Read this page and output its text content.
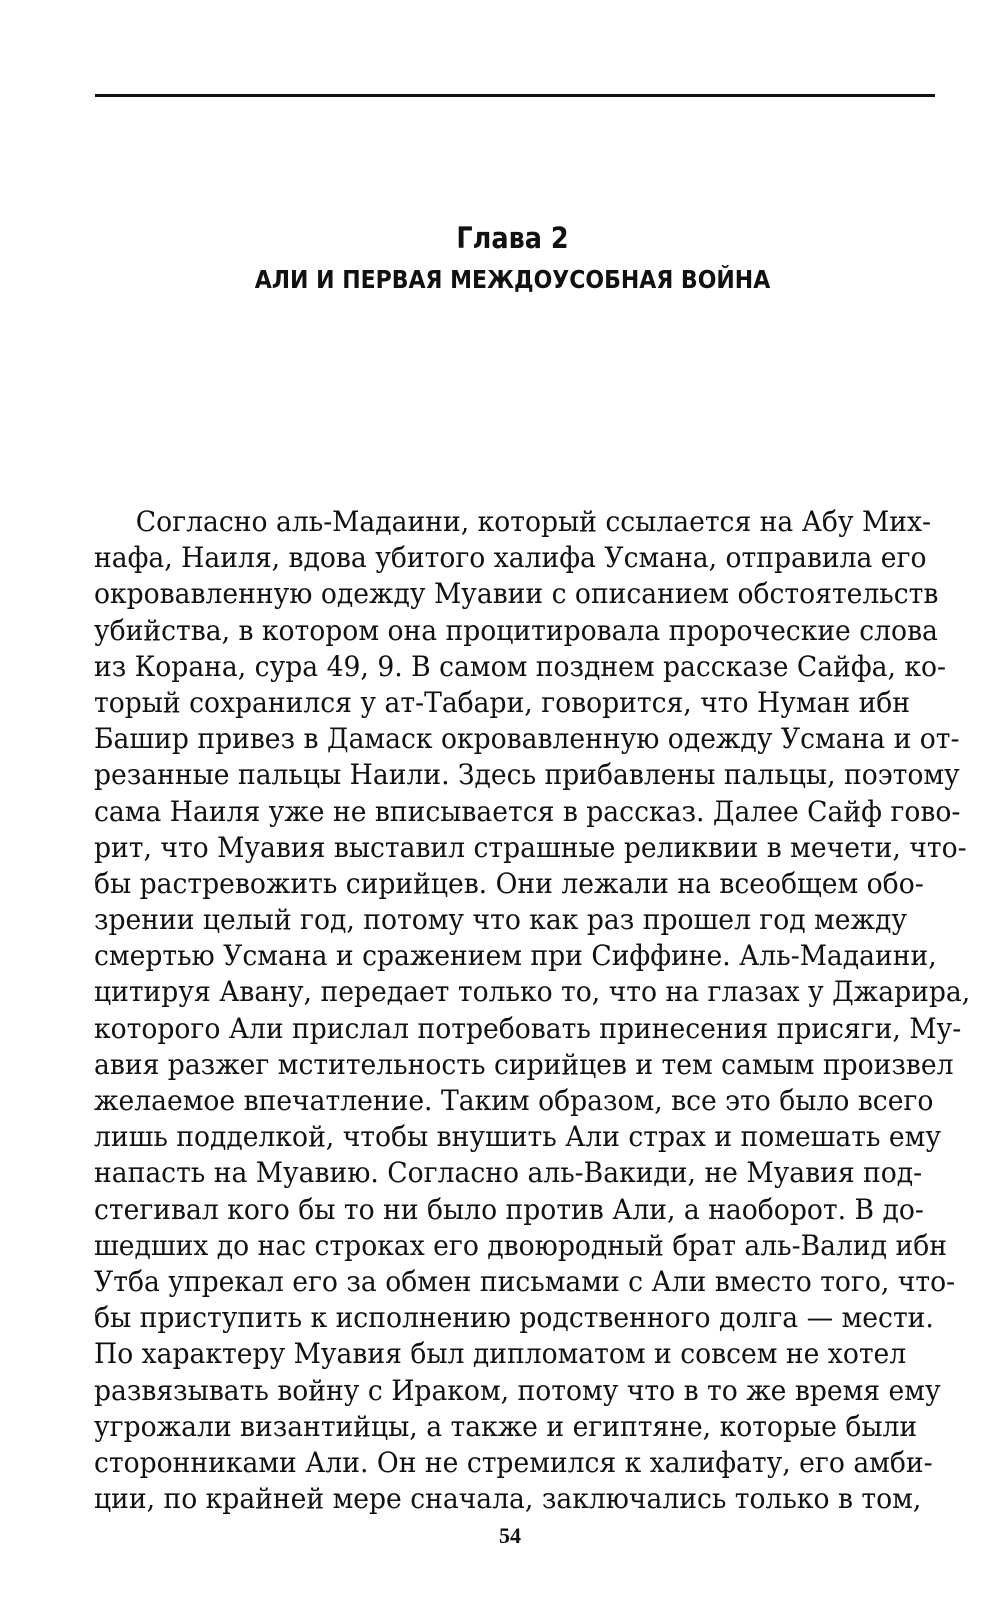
Глава 2
АЛИ И ПЕРВАЯ МЕЖДОУСОБНАЯ ВОЙНА
Согласно аль-Мадаини, который ссылается на Абу Мих-
нафа, Наиля, вдова убитого халифа Усмана, отправила его
окровавленную одежду Муавии с описанием обстоятельств
убийства, в котором она процитировала пророческие слова
из Корана, сура 49, 9. В самом позднем рассказе Сайфа, ко-
торый сохранился у ат-Табари, говорится, что Нуман ибн
Башир привез в Дамаск окровавленную одежду Усмана и от-
резанные пальцы Наили. Здесь прибавлены пальцы, поэтому
сама Наиля уже не вписывается в рассказ. Далее Сайф гово-
рит, что Муавия выставил страшные реликвии в мечети, что-
бы растревожить сирийцев. Они лежали на всеобщем обо-
зрении целый год, потому что как раз прошел год между
смертью Усмана и сражением при Сиффине. Аль-Мадаини,
цитируя Авану, передает только то, что на глазах у Джарира,
которого Али прислал потребовать принесения присяги, Му-
авия разжег мстительность сирийцев и тем самым произвел
желаемое впечатление. Таким образом, все это было всего
лишь подделкой, чтобы внушить Али страх и помешать ему
напасть на Муавию. Согласно аль-Вакиди, не Муавия под-
стегивал кого бы то ни было против Али, а наоборот. В до-
шедших до нас строках его двоюродный брат аль-Валид ибн
Утба упрекал его за обмен письмами с Али вместо того, что-
бы приступить к исполнению родственного долга — мести.
По характеру Муавия был дипломатом и совсем не хотел
развязывать войну с Ираком, потому что в то же время ему
угрожали византийцы, а также и египтяне, которые были
сторонниками Али. Он не стремился к халифату, его амби-
ции, по крайней мере сначала, заключались только в том,
54
